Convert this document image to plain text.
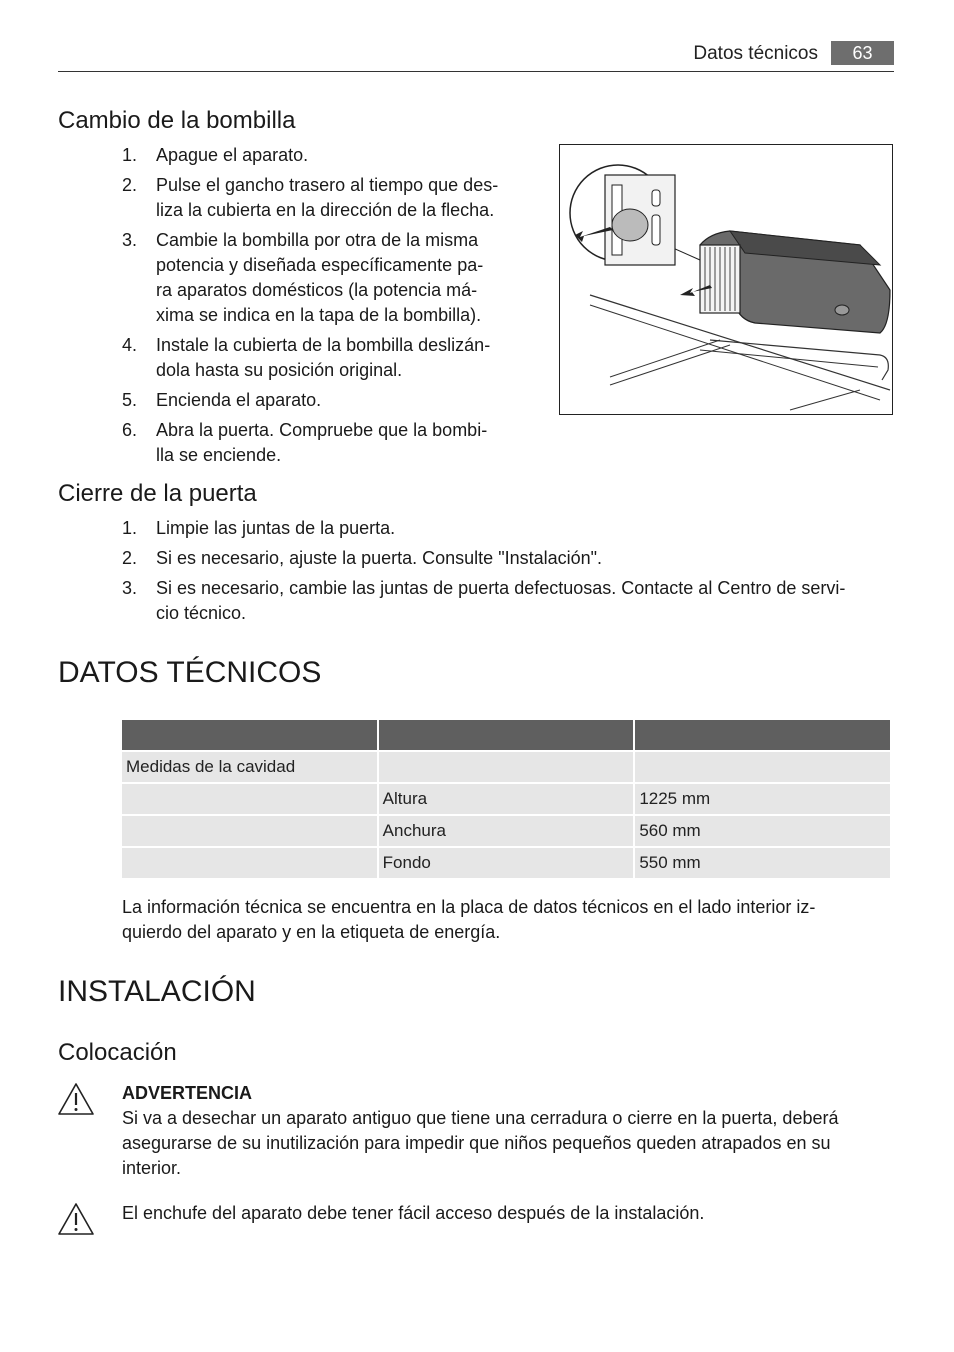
Datos técnicos	63
Cambio de la bombilla
1. Apague el aparato.
2. Pulse el gancho trasero al tiempo que des-
liza la cubierta en la dirección de la flecha.
3. Cambie la bombilla por otra de la misma
potencia y diseñada específicamente pa-
ra aparatos domésticos (la potencia má-
xima se indica en la tapa de la bombilla).
4. Instale la cubierta de la bombilla deslizán-
dola hasta su posición original.
5. Encienda el aparato.
6. Abra la puerta. Compruebe que la bombi-
lla se enciende.
Cierre de la puerta
1. Limpie las juntas de la puerta.
2. Si es necesario, ajuste la puerta. Consulte "Instalación".
3. Si es necesario, cambie las juntas de puerta defectuosas. Contacte al Centro de servi-
cio técnico.
DATOS TÉCNICOS

Medidas de la cavidad		
	Altura	1225 mm
	Anchura	560 mm
	Fondo	550 mm

La información técnica se encuentra en la placa de datos técnicos en el lado interior iz-
quierdo del aparato y en la etiqueta de energía.

INSTALACIÓN
Colocación

ADVERTENCIA
Si va a desechar un aparato antiguo que tiene una cerradura o cierre en la puerta, deberá
asegurarse de su inutilización para impedir que niños pequeños queden atrapados en su
interior.

El enchufe del aparato debe tener fácil acceso después de la instalación.
